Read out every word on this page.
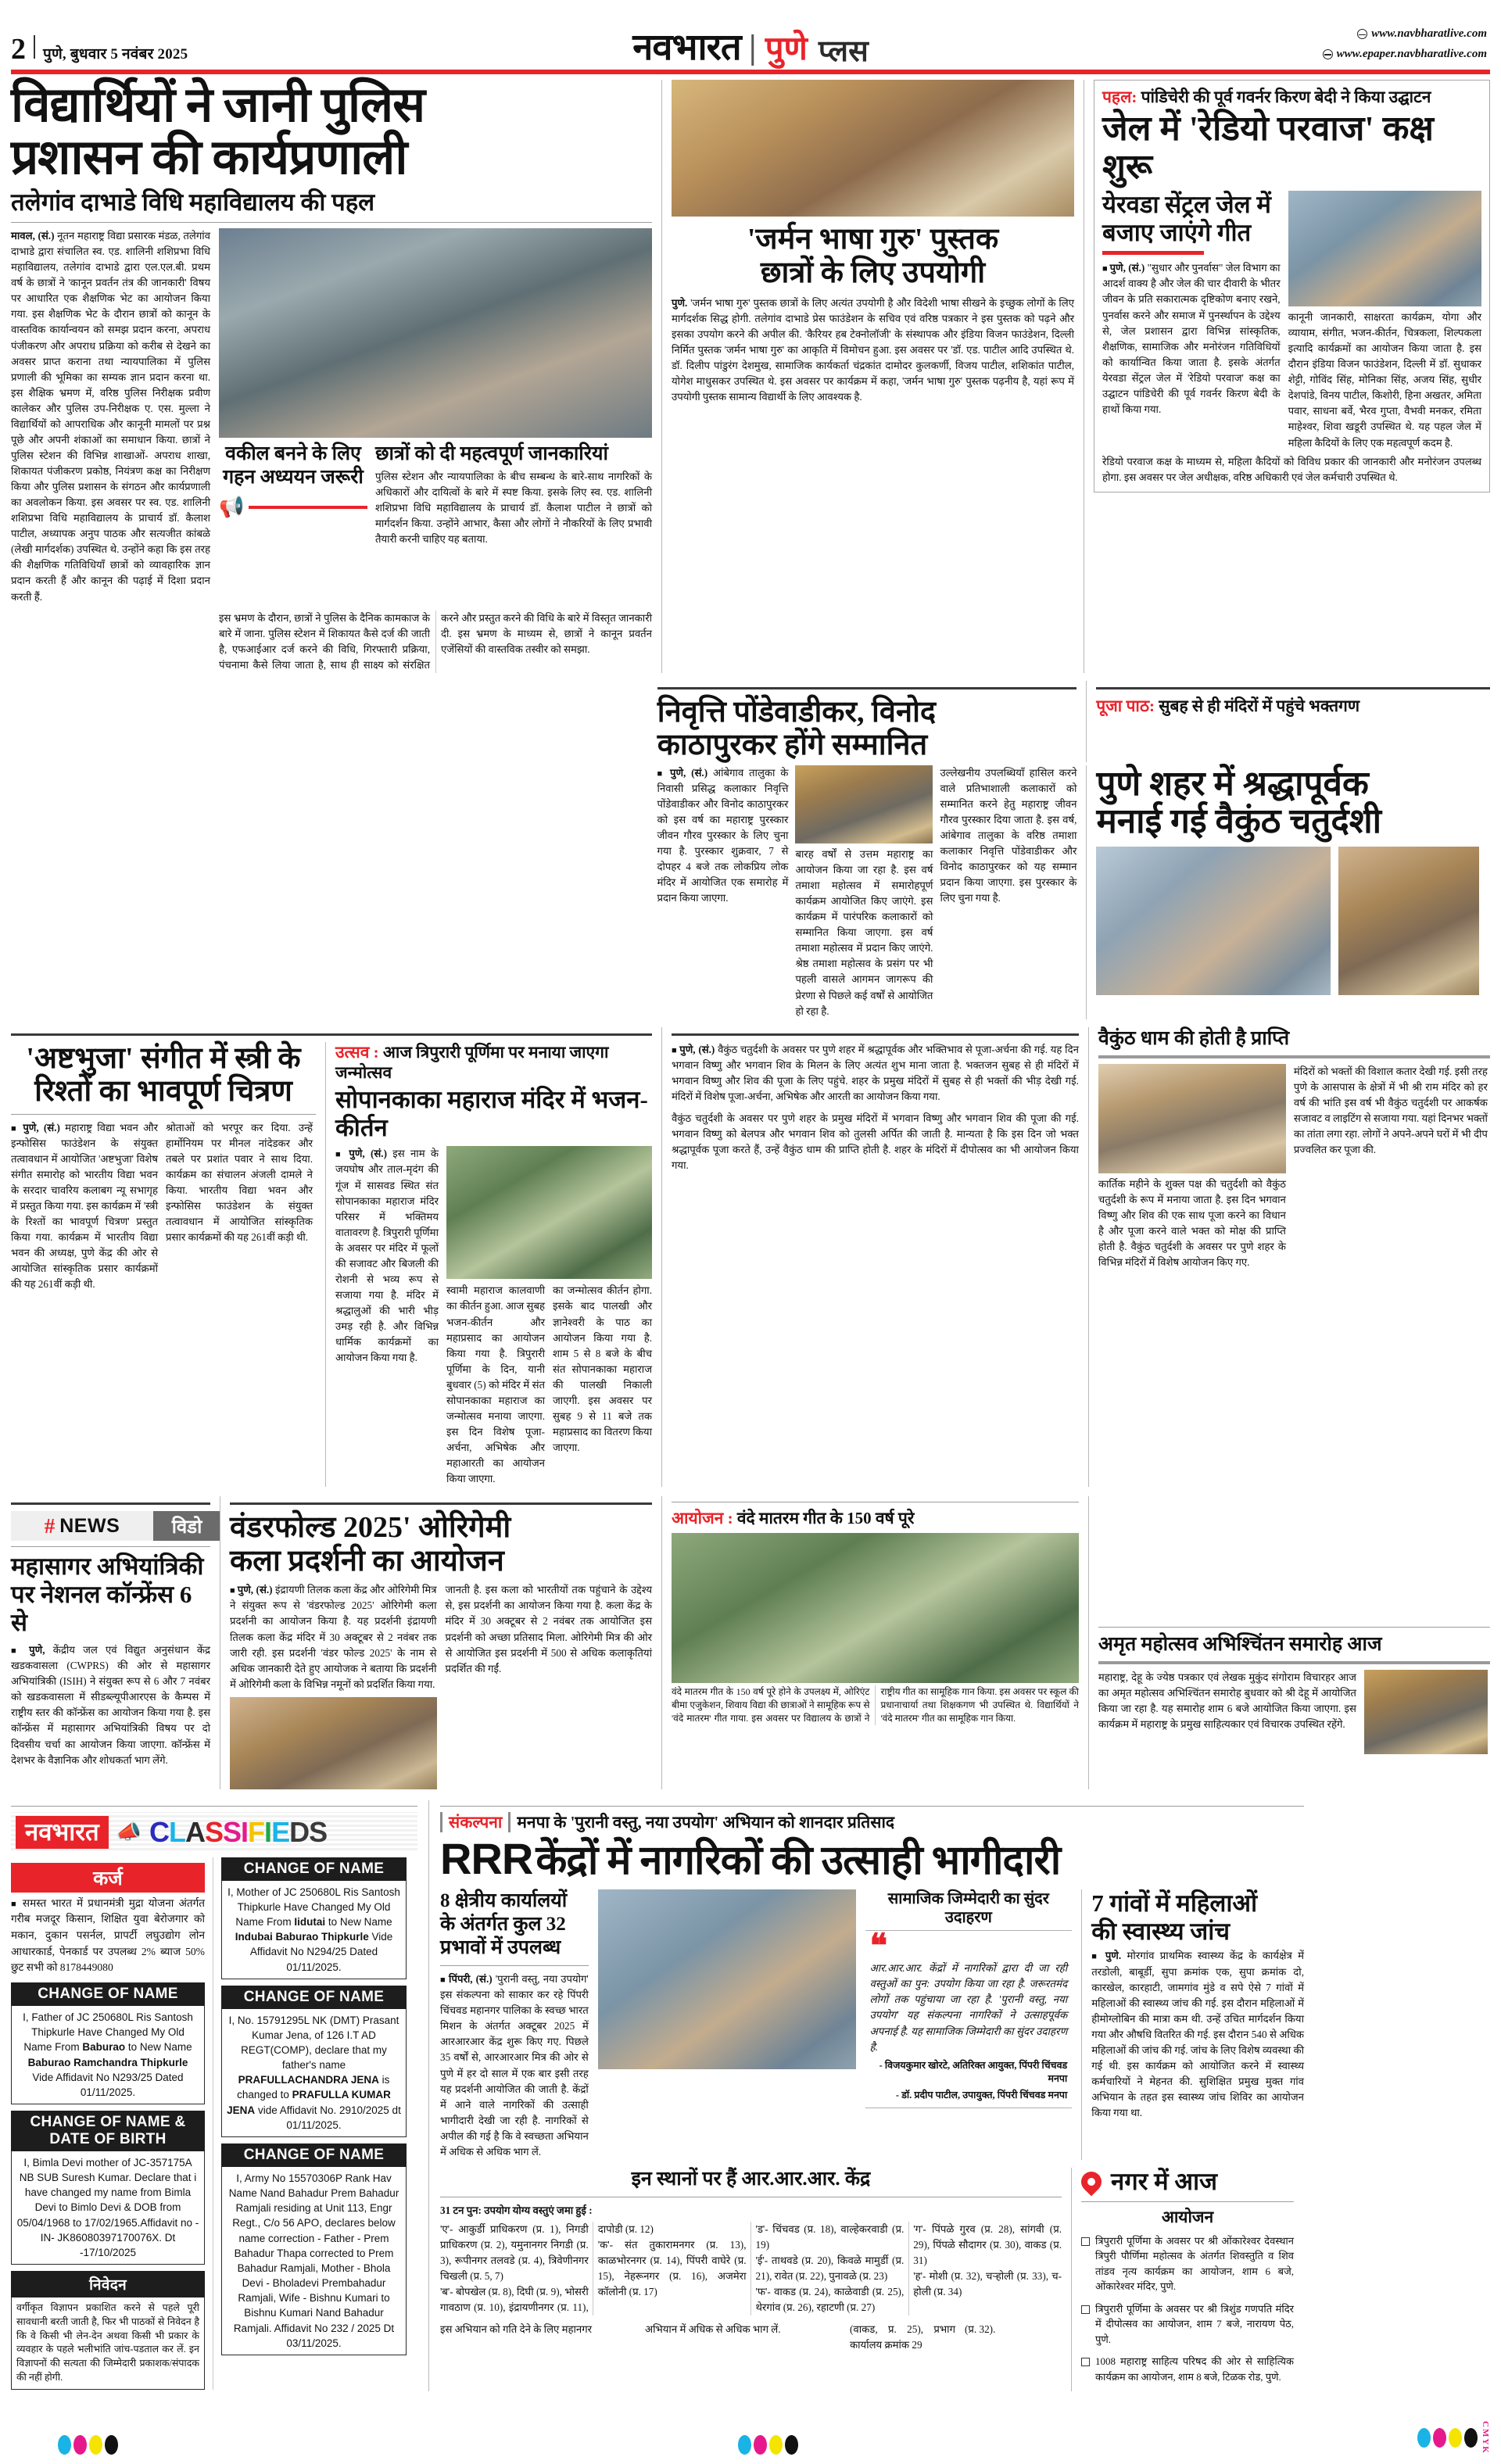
2 पुणे, बुधवार 5 नवंबर 2025	नवभारत पुणे प्लस
www.navbharatlive.com
www.epaper.navbharatlive.com
विद्यार्थियों ने जानी पुलिस
प्रशासन की कार्यप्रणाली
तलेगांव दाभाडे विधि महाविद्यालय की पहल
मावल, (सं.) नूतन महाराष्ट्र विद्या प्रसारक मंडळ, तलेगांव दाभाडे द्वारा संचालित स्व. एड. शालिनी शशिप्रभा विधि महाविद्यालय, तलेगांव दाभाडे द्वारा एल.एल.बी. प्रथम वर्ष के छात्रों ने 'कानून प्रवर्तन तंत्र की जानकारी' विषय पर आधारित एक शैक्षणिक भेट का आयोजन किया गया. इस शैक्षणिक भेट के दौरान छात्रों को कानून के वास्तविक कार्यान्वयन को समझ प्रदान करना, अपराध पंजीकरण और अपराध प्रक्रिया को करीब से देखने का अवसर प्राप्त कराना तथा न्यायपालिका में पुलिस प्रणाली की भूमिका का सम्यक ज्ञान प्रदान करना था. इस शैक्षिक भ्रमण में, वरिष्ठ पुलिस निरीक्षक प्रवीण कालेकर और पुलिस उप-निरीक्षक ए. एस. मुल्ला ने विद्यार्थियों को आपराधिक और कानूनी मामलों पर प्रश्न पूछे और अपनी शंकाओं का समाधान किया. छात्रों ने पुलिस स्टेशन की विभिन्न शाखाओं- अपराध शाखा, शिकायत पंजीकरण प्रकोष्ठ, नियंत्रण कक्ष का निरीक्षण किया और पुलिस प्रशासन के संगठन और कार्यप्रणाली का अवलोकन किया. इस अवसर पर स्व. एड. शालिनी शशिप्रभा विधि महाविद्यालय के प्राचार्य डॉ. कैलाश पाटील, अध्यापक अनुप पाठक और सत्यजीत कांबळे (लेखी मार्गदर्शक) उपस्थित थे. उन्होंने कहा कि इस तरह की शैक्षणिक गतिविधियाँ छात्रों को व्यावहारिक ज्ञान प्रदान करती हैं और कानून की पढ़ाई में दिशा प्रदान करती हैं.
वकील बनने के लिए
गहन अध्ययन जरूरी
📢
छात्रों को दी महत्वपूर्ण जानकारियां
पुलिस स्टेशन और न्यायपालिका के बीच सम्बन्ध के बारे-साथ नागरिकों के अधिकारों और दायित्वों के बारे में स्पष्ट किया. इसके लिए स्व. एड. शालिनी शशिप्रभा विधि महाविद्यालय के प्राचार्य डॉ. कैलाश पाटील ने छात्रों को मार्गदर्शन किया. उन्होंने आभार, कैसा और लोगों ने नौकरियों के लिए प्रभावी तैयारी करनी चाहिए यह बताया.
इस भ्रमण के दौरान, छात्रों ने पुलिस के दैनिक कामकाज के बारे में जाना. पुलिस स्टेशन में शिकायत कैसे दर्ज की जाती है, एफआईआर दर्ज करने की विधि, गिरफ्तारी प्रक्रिया, पंचनामा कैसे लिया जाता है, साथ ही साक्ष्य को संरक्षित करने और प्रस्तुत करने की विधि के बारे में विस्तृत जानकारी दी. इस भ्रमण के माध्यम से, छात्रों ने कानून प्रवर्तन एजेंसियों की वास्तविक तस्वीर को समझा.
'जर्मन भाषा गुरु' पुस्तक
छात्रों के लिए उपयोगी
पुणे. 'जर्मन भाषा गुरु' पुस्तक छात्रों के लिए अत्यंत उपयोगी है और विदेशी भाषा सीखने के इच्छुक लोगों के लिए मार्गदर्शक सिद्ध होगी. तलेगांव दाभाडे प्रेस फाउंडेशन के सचिव एवं वरिष्ठ पत्रकार ने इस पुस्तक को पढ़ने और इसका उपयोग करने की अपील की. 'कैरियर हब टेक्नोलॉजी' के संस्थापक और इंडिया विजन फाउंडेशन, दिल्ली निर्मित पुस्तक 'जर्मन भाषा गुरु' का आकृति में विमोचन हुआ. इस अवसर पर 'डॉ. एड. पाटील आदि उपस्थित थे. डॉ. दिलीप पांडुरंग देशमुख, सामाजिक कार्यकर्ता चंद्रकांत दामोदर कुलकर्णी, विजय पाटील, शशिकांत पाटील, योगेश माधुसकर उपस्थित थे. इस अवसर पर कार्यक्रम में कहा, 'जर्मन भाषा गुरु' पुस्तक पढ़नीय है, यहां रूप में उपयोगी पुस्तक सामान्य विद्यार्थी के लिए आवश्यक है.
पहल: पांडिचेरी की पूर्व गवर्नर किरण बेदी ने किया उद्घाटन
जेल में 'रेडियो परवाज' कक्ष शुरू
येरवडा सेंट्रल जेल में
बजाए जाएंगे गीत
■ पुणे, (सं.) "सुधार और पुनर्वास" जेल विभाग का आदर्श वाक्य है और जेल की चार दीवारी के भीतर जीवन के प्रति सकारात्मक दृष्टिकोण बनाए रखने, पुनर्वास करने और समाज में पुनर्स्थापन के उद्देश्य से, जेल प्रशासन द्वारा विभिन्न सांस्कृतिक, शैक्षणिक, सामाजिक और मनोरंजन गतिविधियों को कार्यान्वित किया जाता है. इसके अंतर्गत येरवडा सेंट्रल जेल में 'रेडियो परवाज' कक्ष का उद्घाटन पांडिचेरी की पूर्व गवर्नर किरण बेदी के हाथों किया गया.
कानूनी जानकारी, साक्षरता कार्यक्रम, योगा और व्यायाम, संगीत, भजन-कीर्तन, चित्रकला, शिल्पकला इत्यादि कार्यक्रमों का आयोजन किया जाता है. इस दौरान इंडिया विजन फाउंडेशन, दिल्ली में डॉ. सुधाकर शेट्टी, गोविंद सिंह, मोनिका सिंह, अजय सिंह, सुधीर देशपांडे, विनय पाटील, किशोरी, हिना अखतर, अमिता पवार, साधना बर्वे, भैरव गुप्ता, वैभवी मनकर, रमिता माहेश्वर, शिवा खडूरी उपस्थित थे. यह पहल जेल में महिला कैदियों के लिए एक महत्वपूर्ण कदम है.
रेडियो परवाज कक्ष के माध्यम से, महिला कैदियों को विविध प्रकार की जानकारी और मनोरंजन उपलब्ध होगा. इस अवसर पर जेल अधीक्षक, वरिष्ठ अधिकारी एवं जेल कर्मचारी उपस्थित थे.
निवृत्ति पोंडेवाडीकर, विनोद
काठापुरकर होंगे सम्मानित
पूजा पाठ: सुबह से ही मंदिरों में पहुंचे भक्तगण
■ पुणे, (सं.) आंबेगाव तालुका के निवासी प्रसिद्ध कलाकार निवृत्ति पोंडेवाडीकर और विनोद काठापुरकर को इस वर्ष का महाराष्ट्र पुरस्कार जीवन गौरव पुरस्कार के लिए चुना गया है. पुरस्कार शुक्रवार, 7 से दोपहर 4 बजे तक लोकप्रिय लोक मंदिर में आयोजित एक समारोह में प्रदान किया जाएगा.
बारह वर्षों से उत्तम महाराष्ट्र का आयोजन किया जा रहा है. इस वर्ष तमाशा महोत्सव में समारोहपूर्ण कार्यक्रम आयोजित किए जाएंगे. इस कार्यक्रम में पारंपरिक कलाकारों को सम्मानित किया जाएगा. इस वर्ष तमाशा महोत्सव में प्रदान किए जाएंगे. श्रेष्ठ तमाशा महोत्सव के प्रसंग पर भी पहली वासले आगमन जागरूप की प्रेरणा से पिछले कई वर्षों से आयोजित हो रहा है.
उल्लेखनीय उपलब्धियाँ हासिल करने वाले प्रतिभाशाली कलाकारों को सम्मानित करने हेतु महाराष्ट्र जीवन गौरव पुरस्कार दिया जाता है. इस वर्ष, आंबेगाव तालुका के वरिष्ठ तमाशा कलाकार निवृत्ति पोंडेवाडीकर और विनोद काठापुरकर को यह सम्मान प्रदान किया जाएगा. इस पुरस्कार के लिए चुना गया है.
पुणे शहर में श्रद्धापूर्वक
मनाई गई वैकुंठ चतुर्दशी
'अष्टभुजा' संगीत में स्त्री के
रिश्तों का भावपूर्ण चित्रण
■ पुणे, (सं.) महाराष्ट्र विद्या भवन और इन्फोसिस फाउंडेशन के संयुक्त तत्वावधान में आयोजित 'अष्टभुजा' विशेष संगीत समारोह को भारतीय विद्या भवन के सरदार चावरिय कलाबग न्यू सभागृह में प्रस्तुत किया गया. इस कार्यक्रम में 'स्त्री के रिश्तों का भावपूर्ण चित्रण' प्रस्तुत किया गया. कार्यक्रम में भारतीय विद्या भवन की अध्यक्ष, पुणे केंद्र की ओर से आयोजित सांस्कृतिक प्रसार कार्यक्रमों की यह 261वीं कड़ी थी.
श्रोताओं को भरपूर कर दिया. उन्हें हार्मोनियम पर मीनल नांदेडकर और तबले पर प्रशांत पवार ने साथ दिया. कार्यक्रम का संचालन अंजली दामले ने किया. भारतीय विद्या भवन और इन्फोसिस फाउंडेशन के संयुक्त तत्वावधान में आयोजित सांस्कृतिक प्रसार कार्यक्रमों की यह 261वीं कड़ी थी.
उत्सव : आज त्रिपुरारी पूर्णिमा पर मनाया जाएगा जन्मोत्सव
सोपानकाका महाराज मंदिर में भजन-कीर्तन
■ पुणे, (सं.) इस नाम के जयघोष और ताल-मृदंग की गूंज में सासवड स्थित संत सोपानकाका महाराज मंदिर परिसर में भक्तिमय वातावरण है. त्रिपुरारी पूर्णिमा के अवसर पर मंदिर में फूलों की सजावट और बिजली की रोशनी से भव्य रूप से सजाया गया है. मंदिर में श्रद्धालुओं की भारी भीड़ उमड़ रही है. और विभिन्न धार्मिक कार्यक्रमों का आयोजन किया गया है.
स्वामी महाराज कालवाणी का कीर्तन हुआ. आज सुबह भजन-कीर्तन और महाप्रसाद का आयोजन किया गया है. त्रिपुरारी पूर्णिमा के दिन, यानी बुधवार (5) को मंदिर में संत सोपानकाका महाराज का जन्मोत्सव मनाया जाएगा. इस दिन विशेष पूजा-अर्चना, अभिषेक और महाआरती का आयोजन किया जाएगा.
का जन्मोत्सव कीर्तन होगा. इसके बाद पालखी और ज्ञानेश्वरी के पाठ का आयोजन किया गया है. शाम 5 से 8 बजे के बीच संत सोपानकाका महाराज की पालखी निकाली जाएगी. इस अवसर पर सुबह 9 से 11 बजे तक महाप्रसाद का वितरण किया जाएगा.
■ पुणे, (सं.) वैकुंठ चतुर्दशी के अवसर पर पुणे शहर में श्रद्धापूर्वक और भक्तिभाव से पूजा-अर्चना की गई. यह दिन भगवान विष्णु और भगवान शिव के मिलन के लिए अत्यंत शुभ माना जाता है. भक्तजन सुबह से ही मंदिरों में भगवान विष्णु और शिव की पूजा के लिए पहुंचे. शहर के प्रमुख मंदिरों में सुबह से ही भक्तों की भीड़ देखी गई. मंदिरों में विशेष पूजा-अर्चना, अभिषेक और आरती का आयोजन किया गया.
वैकुंठ चतुर्दशी के अवसर पर पुणे शहर के प्रमुख मंदिरों में भगवान विष्णु और भगवान शिव की पूजा की गई. भगवान विष्णु को बेलपत्र और भगवान शिव को तुलसी अर्पित की जाती है. मान्यता है कि इस दिन जो भक्त श्रद्धापूर्वक पूजा करते हैं, उन्हें वैकुंठ धाम की प्राप्ति होती है. शहर के मंदिरों में दीपोत्सव का भी आयोजन किया गया.
वैकुंठ धाम की होती है प्राप्ति
कार्तिक महीने के शुक्ल पक्ष की चतुर्दशी को वैकुंठ चतुर्दशी के रूप में मनाया जाता है. इस दिन भगवान विष्णु और शिव की एक साथ पूजा करने का विधान है और पूजा करने वाले भक्त को मोक्ष की प्राप्ति होती है. वैकुंठ चतुर्दशी के अवसर पर पुणे शहर के विभिन्न मंदिरों में विशेष आयोजन किए गए.
मंदिरों को भक्तों की विशाल कतार देखी गई. इसी तरह पुणे के आसपास के क्षेत्रों में भी श्री राम मंदिर को हर वर्ष की भांति इस वर्ष भी वैकुंठ चतुर्दशी पर आकर्षक सजावट व लाइटिंग से सजाया गया. यहां दिनभर भक्तों का तांता लगा रहा. लोगों ने अपने-अपने घरों में भी दीप प्रज्वलित कर पूजा की.
# NEWS	विडो
महासागर अभियांत्रिकी
पर नेशनल कॉन्फ्रेंस 6 से
■ पुणे, केंद्रीय जल एवं विद्युत अनुसंधान केंद्र खडकवासला (CWPRS) की ओर से महासागर अभियांत्रिकी (ISIH) ने संयुक्त रूप से 6 और 7 नवंबर को खडकवासला में सीडब्ल्यूपीआरएस के कैम्पस में राष्ट्रीय स्तर की कॉन्फ्रेंस का आयोजन किया गया है. इस कॉन्फ्रेंस में महासागर अभियांत्रिकी विषय पर दो दिवसीय चर्चा का आयोजन किया जाएगा. कॉन्फ्रेंस में देशभर के वैज्ञानिक और शोधकर्ता भाग लेंगे.
वंडरफोल्ड 2025' ओरिगेमी
कला प्रदर्शनी का आयोजन
■ पुणे, (सं.) इंद्रायणी तिलक कला केंद्र और ओरिगेमी मित्र ने संयुक्त रूप से 'वंडरफोल्ड 2025' ओरिगेमी कला प्रदर्शनी का आयोजन किया है. यह प्रदर्शनी इंद्रायणी तिलक कला केंद्र मंदिर में 30 अक्टूबर से 2 नवंबर तक जारी रही. इस प्रदर्शनी 'वंडर फोल्ड 2025' के नाम से अधिक जानकारी देते हुए आयोजक ने बताया कि प्रदर्शनी में ओरिगेमी कला के विभिन्न नमूनों को प्रदर्शित किया गया.
जानती है. इस कला को भारतीयों तक पहुंचाने के उद्देश्य से, इस प्रदर्शनी का आयोजन किया गया है. कला केंद्र के मंदिर में 30 अक्टूबर से 2 नवंबर तक आयोजित इस प्रदर्शनी को अच्छा प्रतिसाद मिला. ओरिगेमी मित्र की ओर से आयोजित इस प्रदर्शनी में 500 से अधिक कलाकृतियां प्रदर्शित की गईं.
आयोजन : वंदे मातरम गीत के 150 वर्ष पूरे
वंदे मातरम गीत के 150 वर्ष पूरे होने के उपलक्ष्य में, ओरिएंट बीमा एजुकेशन, शिवाय विद्या की छात्राओं ने सामूहिक रूप से 'वंदे मातरम' गीत गाया. इस अवसर पर विद्यालय के छात्रों ने राष्ट्रीय गीत का सामूहिक गान किया. इस अवसर पर स्कूल की प्रधानाचार्या तथा शिक्षकगण भी उपस्थित थे. विद्यार्थियों ने 'वंदे मातरम' गीत का सामूहिक गान किया.
अमृत महोत्सव अभिश्चिंतन समारोह आज
महाराष्ट्र, देहू के ज्येष्ठ पत्रकार एवं लेखक मुकुंद संगोराम विचारहर आज का अमृत महोत्सव अभिश्चिंतन समारोह बुधवार को श्री देहू में आयोजित किया जा रहा है. यह समारोह शाम 6 बजे आयोजित किया जाएगा. इस कार्यक्रम में महाराष्ट्र के प्रमुख साहित्यकार एवं विचारक उपस्थित रहेंगे.
नवभारत 📣 C L A S S I F I E D S
कर्ज
■ समस्त भारत में प्रधानमंत्री मुद्रा योजना अंतर्गत गरीब मजदूर किसान, शिक्षित युवा बेरोजगार को मकान, दुकान पसर्नल, प्रापर्टी लघुउद्योग लोन आधारकार्ड, पेनकार्ड पर उपलब्ध 2% ब्याज 50% छुट सभी को 8178449080
CHANGE OF NAME
I, Father of JC 250680L Ris Santosh Thipkurle Have Changed My Old Name From Baburao to New Name Baburao Ramchandra Thipkurle Vide Affidavit No N293/25 Dated 01/11/2025.
CHANGE OF NAME & DATE OF BIRTH
I, Bimla Devi mother of JC-357175A NB SUB Suresh Kumar. Declare that i have changed my name from Bimla Devi to Bimlo Devi & DOB from 05/04/1968 to 17/02/1965.Affidavit no - IN- JK86080397170076X. Dt -17/10/2025
निवेदन
वर्गीकृत विज्ञापन प्रकाशित करने से पहले पूरी सावधानी बरती जाती है, फिर भी पाठकों से निवेदन है कि वे किसी भी लेन-देन अथवा किसी भी प्रकार के व्यवहार के पहले भलीभांति जांच-पडताल कर लें. इन विज्ञापनों की सत्यता की जिम्मेदारी प्रकाशक/संपादक की नहीं होगी.
CHANGE OF NAME
I, Mother of JC 250680L Ris Santosh Thipkurle Have Changed My Old Name From Iidutai to New Name Indubai Baburao Thipkurle Vide Affidavit No N294/25 Dated 01/11/2025.
CHANGE OF NAME
I, No. 15791295L NK (DMT) Prasant Kumar Jena, of 126 I.T AD REGT(COMP), declare that my father's name PRAFULLACHANDRA JENA is changed to PRAFULLA KUMAR JENA vide Affidavit No. 2910/2025 dt 01/11/2025.
CHANGE OF NAME
I, Army No 15570306P Rank Hav Name Nand Bahadur Prem Bahadur Ramjali residing at Unit 113, Engr Regt., C/o 56 APO, declares below name correction - Father - Prem Bahadur Thapa corrected to Prem Bahadur Ramjali, Mother - Bhola Devi - Bholadevi Prembahadur Ramjali, Wife - Bishnu Kumari to Bishnu Kumari Nand Bahadur Ramjali. Affidavit No 232 / 2025 Dt 03/11/2025.
संकल्पना मनपा के 'पुरानी वस्तु, नया उपयोग' अभियान को शानदार प्रतिसाद
RRR केंद्रों में नागरिकों की उत्साही भागीदारी
8 क्षेत्रीय कार्यालयों
के अंतर्गत कुल 32
प्रभावों में उपलब्ध
■ पिंपरी, (सं.) 'पुरानी वस्तु, नया उपयोग' इस संकल्पना को साकार कर रहे पिंपरी चिंचवड महानगर पालिका के स्वच्छ भारत मिशन के अंतर्गत अक्टूबर 2025 में आरआरआर केंद्र शुरू किए गए. पिछले 35 वर्षों से, आरआरआर मित्र की ओर से पुणे में हर दो साल में एक बार इसी तरह यह प्रदर्शनी आयोजित की जाती है. केंद्रों में आने वाले नागरिकों की उत्साही भागीदारी देखी जा रही है. नागरिकों से अपील की गई है कि वे स्वच्छता अभियान में अधिक से अधिक भाग लें.
सामाजिक जिम्मेदारी का सुंदर उदाहरण
❝
आर.आर.आर. केंद्रों में नागरिकों द्वारा दी जा रही वस्तुओं का पुन: उपयोग किया जा रहा है. जरूरतमंद लोगों तक पहुंचाया जा रहा है. 'पुरानी वस्तु, नया उपयोग' यह संकल्पना नागरिकों ने उत्साहपूर्वक अपनाई है. यह सामाजिक जिम्मेदारी का सुंदर उदाहरण है.
- विजयकुमार खोरटे, अतिरिक्त आयुक्त, पिंपरी चिंचवड मनपा
- डॉ. प्रदीप पाटील, उपायुक्त, पिंपरी चिंचवड मनपा
7 गांवों में महिलाओं
की स्वास्थ्य जांच
■ पुणे. मोरगांव प्राथमिक स्वास्थ्य केंद्र के कार्यक्षेत्र में तरडोली, बाबूर्डी, सुपा क्रमांक एक, सुपा क्रमांक दो, कारखेल, कारहाटी, जामगांव मुंडे व सपे ऐसे 7 गांवों में महिलाओं की स्वास्थ्य जांच की गई. इस दौरान महिलाओं में हीमोग्लोबिन की मात्रा कम थी. उन्हें उचित मार्गदर्शन किया गया और औषधि वितरित की गई. इस दौरान 540 से अधिक महिलाओं की जांच की गई. जांच के लिए विशेष व्यवस्था की गई थी. इस कार्यक्रम को आयोजित करने में स्वास्थ्य कर्मचारियों ने मेहनत की. सुशिक्षित प्रमुख मुक्त गांव अभियान के तहत इस स्वास्थ्य जांच शिविर का आयोजन किया गया था.
इन स्थानों पर हैं आर.आर.आर. केंद्र
31 टन पुन: उपयोग योग्य वस्तुएं जमा हुई :
'ए'- आकुर्डी प्राधिकरण (प्र. 1), निगडी प्राधिकरण (प्र. 2), यमुनानगर निगडी (प्र. 3), रूपीनगर तलवडे (प्र. 4), त्रिवेणीनगर चिखली (प्र. 5, 7)
'ब'- बोपखेल (प्र. 8), दिघी (प्र. 9), भोसरी गावठाण (प्र. 10), इंद्रायणीनगर (प्र. 11), दापोडी (प्र. 12)
'क'- संत तुकारामनगर (प्र. 13), काळभोरनगर (प्र. 14), पिंपरी वाघेरे (प्र. 15), नेहरूनगर (प्र. 16), अजमेरा कॉलोनी (प्र. 17)
'ड'- चिंचवड (प्र. 18), वाल्हेकरवाडी (प्र. 19)
'ई'- ताथवडे (प्र. 20), किवळे मामुर्डी (प्र. 21), रावेत (प्र. 22), पुनावळे (प्र. 23)
'फ'- वाकड (प्र. 24), काळेवाडी (प्र. 25), थेरगांव (प्र. 26), रहाटणी (प्र. 27)
'ग'- पिंपळे गुरव (प्र. 28), सांगवी (प्र. 29), पिंपळे सौदागर (प्र. 30), वाकड (प्र. 31)
'ह'- मोशी (प्र. 32), चऱ्होली (प्र. 33), च-होली (प्र. 34)
इस अभियान को गति देने के लिए महानगर	अभियान में अधिक से अधिक भाग लें.	(वाकड, प्र. 25), प्रभाग कार्यालय क्रमांक 29
(प्र. 32).
नगर में आज
आयोजन
त्रिपुरारी पूर्णिमा के अवसर पर श्री ओंकारेश्वर देवस्थान त्रिपुरी पौर्णिमा महोत्सव के अंतर्गत शिवस्तुति व शिव तांडव नृत्य कार्यक्रम का आयोजन, शाम 6 बजे, ओंकारेश्वर मंदिर, पुणे.
त्रिपुरारी पूर्णिमा के अवसर पर श्री त्रिशुंड गणपति मंदिर में दीपोत्सव का आयोजन, शाम 7 बजे, नारायण पेठ, पुणे.
1008 महाराष्ट्र साहित्य परिषद की ओर से साहित्यिक कार्यक्रम का आयोजन, शाम 8 बजे, टिळक रोड, पुणे.
CMYK
